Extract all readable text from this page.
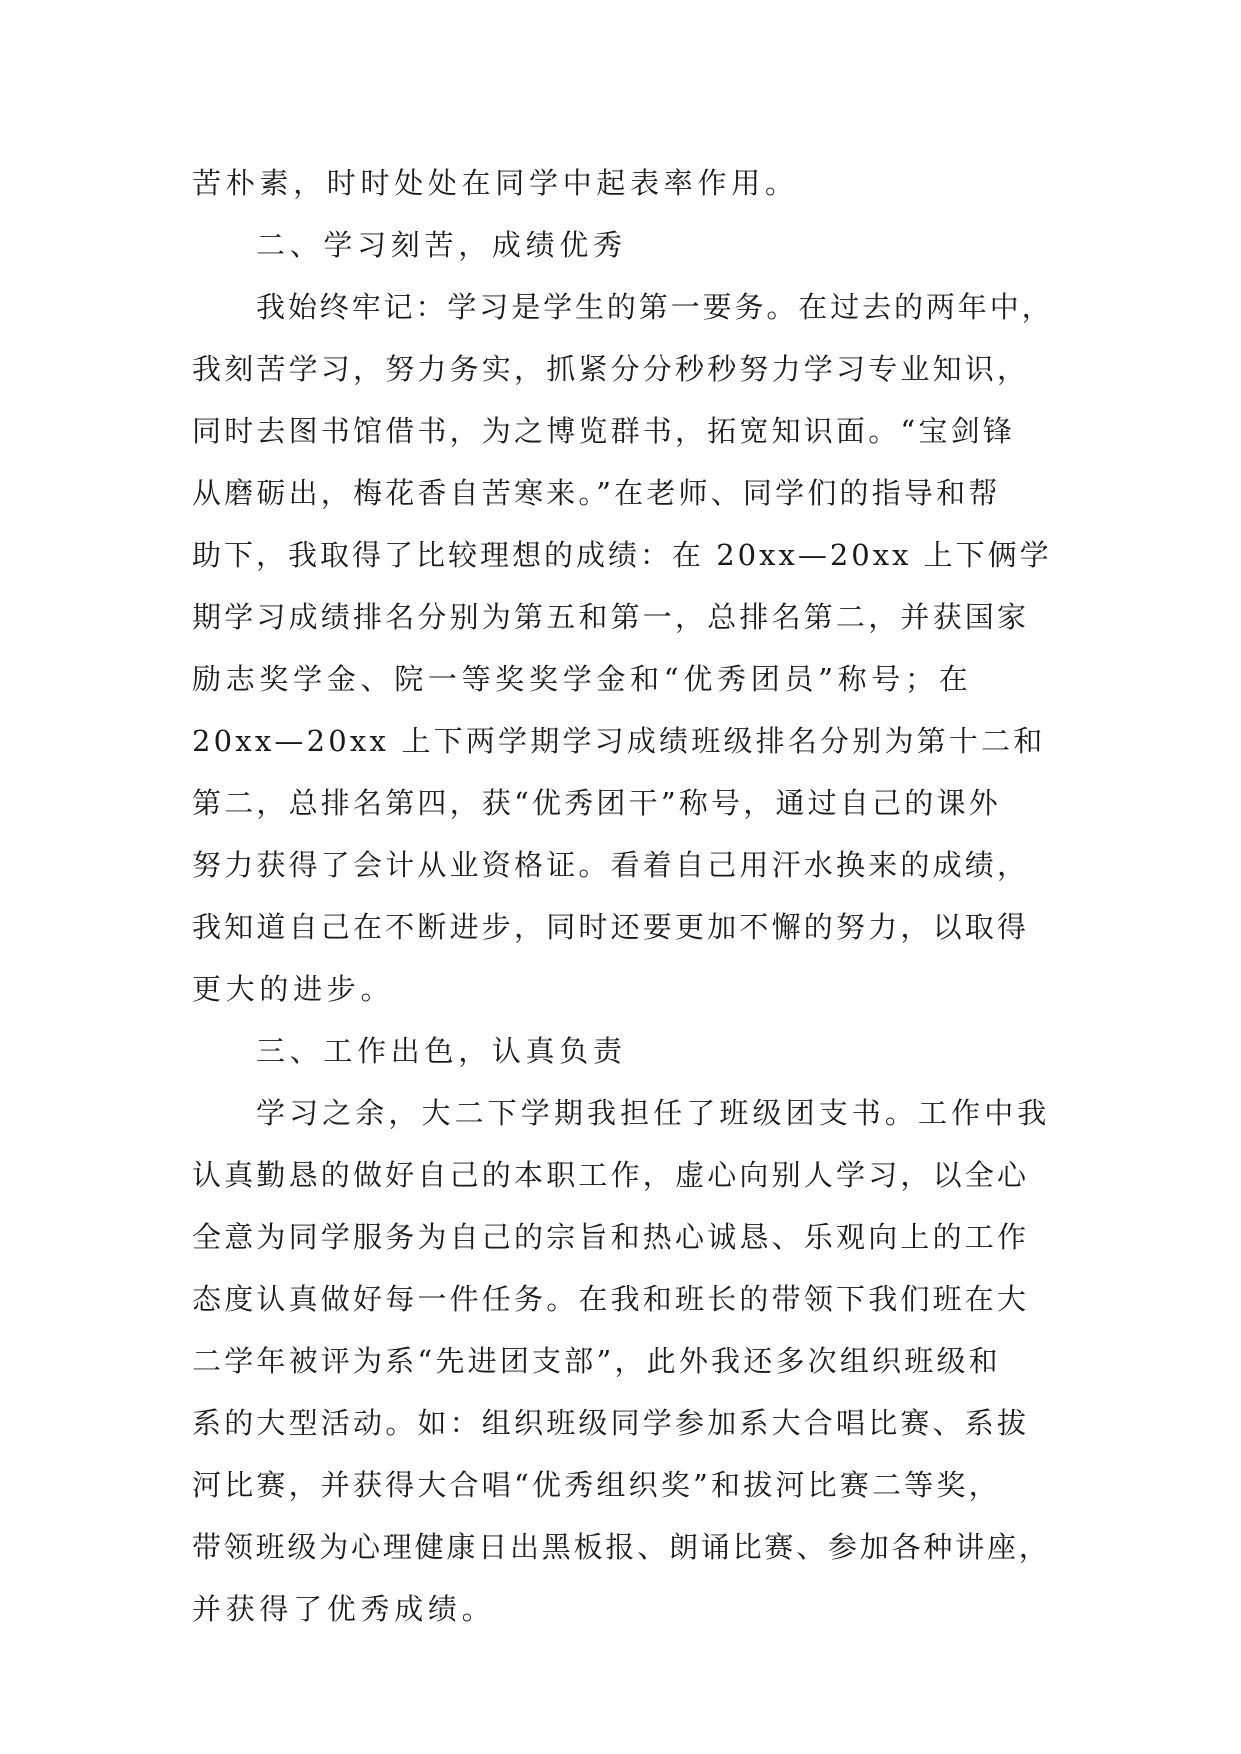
苦朴素，时时处处在同学中起表率作用。
二、学习刻苦，成绩优秀
我始终牢记：学习是学生的第一要务。在过去的两年中，
我刻苦学习，努力务实，抓紧分分秒秒努力学习专业知识，
同时去图书馆借书，为之博览群书，拓宽知识面。“宝剑锋
从磨砺出，梅花香自苦寒来。”在老师、同学们的指导和帮
助下，我取得了比较理想的成绩：在 20xx—20xx 上下俩学
期学习成绩排名分别为第五和第一，总排名第二，并获国家
励志奖学金、院一等奖奖学金和“优秀团员”称号；在
20xx—20xx 上下两学期学习成绩班级排名分别为第十二和
第二，总排名第四，获“优秀团干”称号，通过自己的课外
努力获得了会计从业资格证。看着自己用汗水换来的成绩，
我知道自己在不断进步，同时还要更加不懈的努力，以取得
更大的进步。
三、工作出色，认真负责
学习之余，大二下学期我担任了班级团支书。工作中我
认真勤恳的做好自己的本职工作，虚心向别人学习，以全心
全意为同学服务为自己的宗旨和热心诚恳、乐观向上的工作
态度认真做好每一件任务。在我和班长的带领下我们班在大
二学年被评为系“先进团支部”，此外我还多次组织班级和
系的大型活动。如：组织班级同学参加系大合唱比赛、系拔
河比赛，并获得大合唱“优秀组织奖”和拔河比赛二等奖，
带领班级为心理健康日出黑板报、朗诵比赛、参加各种讲座，
并获得了优秀成绩。
